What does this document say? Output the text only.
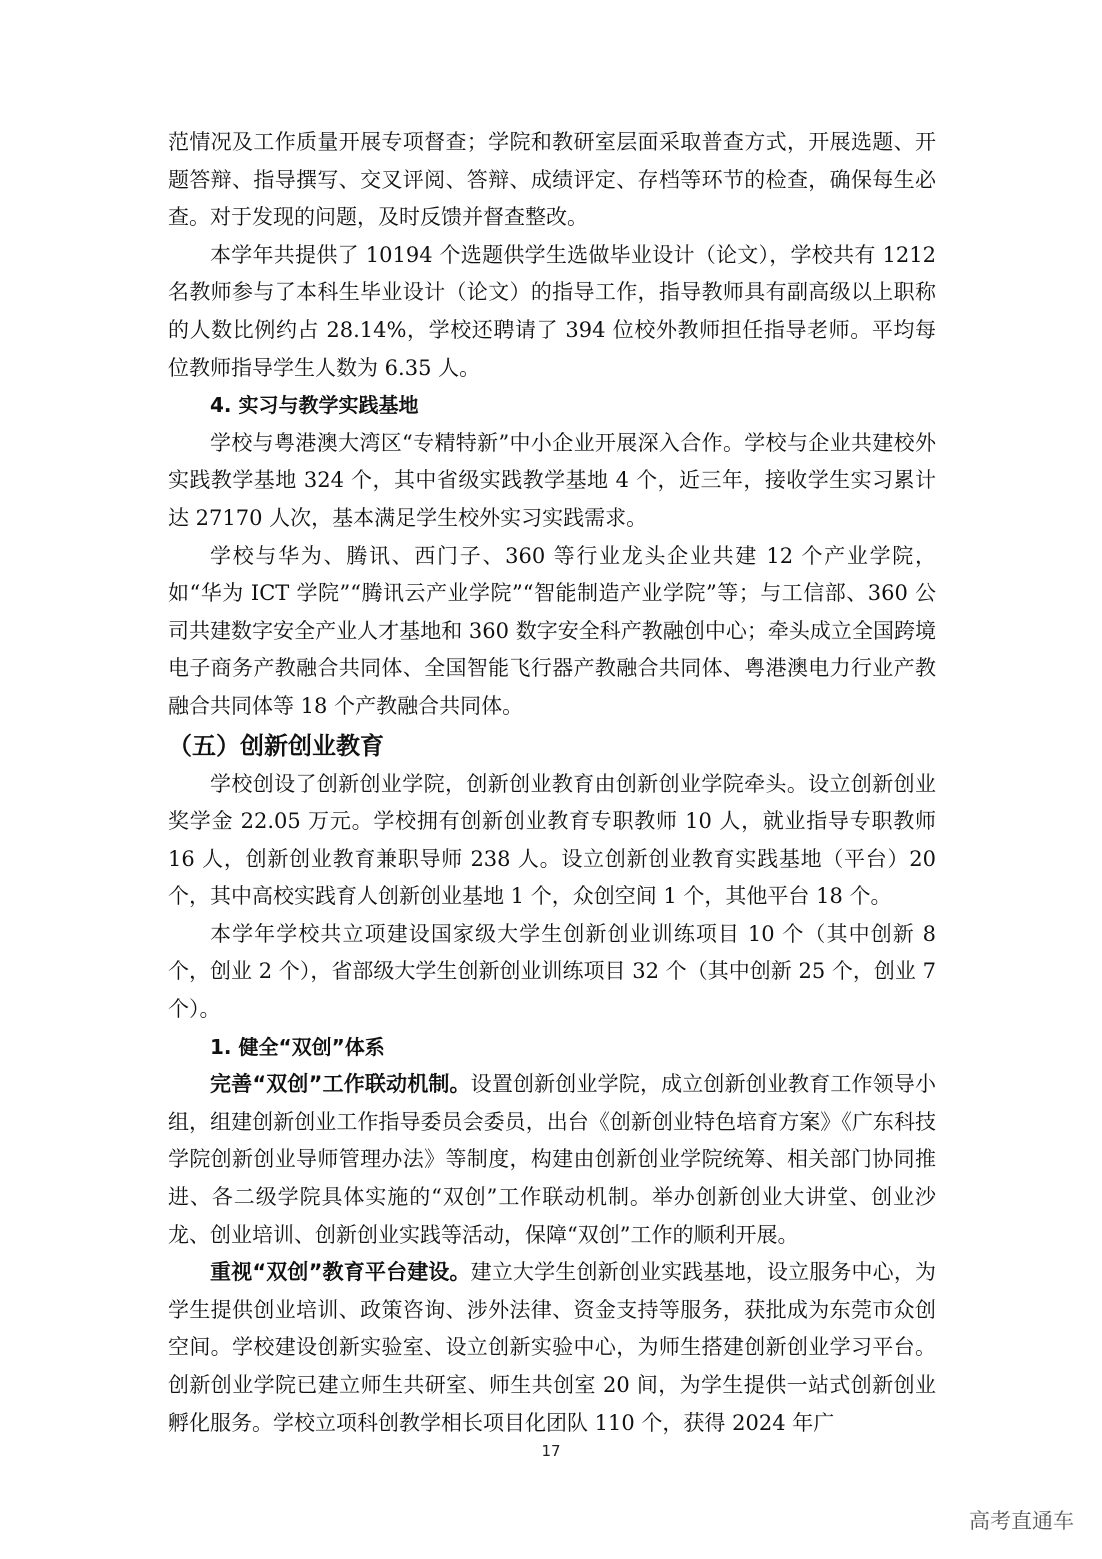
范情况及工作质量开展专项督查；学院和教研室层面采取普查方式，开展选题、开题答辩、指导撰写、交叉评阅、答辩、成绩评定、存档等环节的检查，确保每生必查。对于发现的问题，及时反馈并督查整改。

本学年共提供了 10194 个选题供学生选做毕业设计（论文），学校共有 1212 名教师参与了本科生毕业设计（论文）的指导工作，指导教师具有副高级以上职称的人数比例约占 28.14%，学校还聘请了 394 位校外教师担任指导老师。平均每位教师指导学生人数为 6.35 人。

4. 实习与教学实践基地

学校与粤港澳大湾区“专精特新”中小企业开展深入合作。学校与企业共建校外实践教学基地 324 个，其中省级实践教学基地 4 个，近三年，接收学生实习累计达 27170 人次，基本满足学生校外实习实践需求。

学校与华为、腾讯、西门子、360 等行业龙头企业共建 12 个产业学院，如“华为 ICT 学院”“腾讯云产业学院”“智能制造产业学院”等；与工信部、360 公司共建数字安全产业人才基地和 360 数字安全科产教融创中心；牵头成立全国跨境电子商务产教融合共同体、全国智能飞行器产教融合共同体、粤港澳电力行业产教融合共同体等 18 个产教融合共同体。

（五）创新创业教育

学校创设了创新创业学院，创新创业教育由创新创业学院牵头。设立创新创业奖学金 22.05 万元。学校拥有创新创业教育专职教师 10 人，就业指导专职教师 16 人，创新创业教育兼职导师 238 人。设立创新创业教育实践基地（平台）20 个，其中高校实践育人创新创业基地 1 个，众创空间 1 个，其他平台 18 个。

本学年学校共立项建设国家级大学生创新创业训练项目 10 个（其中创新 8 个，创业 2 个），省部级大学生创新创业训练项目 32 个（其中创新 25 个，创业 7 个）。

1. 健全“双创”体系

完善“双创”工作联动机制。设置创新创业学院，成立创新创业教育工作领导小组，组建创新创业工作指导委员会委员，出台《创新创业特色培育方案》《广东科技学院创新创业导师管理办法》等制度，构建由创新创业学院统筹、相关部门协同推进、各二级学院具体实施的“双创”工作联动机制。举办创新创业大讲堂、创业沙龙、创业培训、创新创业实践等活动，保障“双创”工作的顺利开展。

重视“双创”教育平台建设。建立大学生创新创业实践基地，设立服务中心，为学生提供创业培训、政策咨询、涉外法律、资金支持等服务，获批成为东莞市众创空间。学校建设创新实验室、设立创新实验中心，为师生搭建创新创业学习平台。创新创业学院已建立师生共研室、师生共创室 20 间，为学生提供一站式创新创业孵化服务。学校立项科创教学相长项目化团队 110 个，获得 2024 年广

17
高考直通车
